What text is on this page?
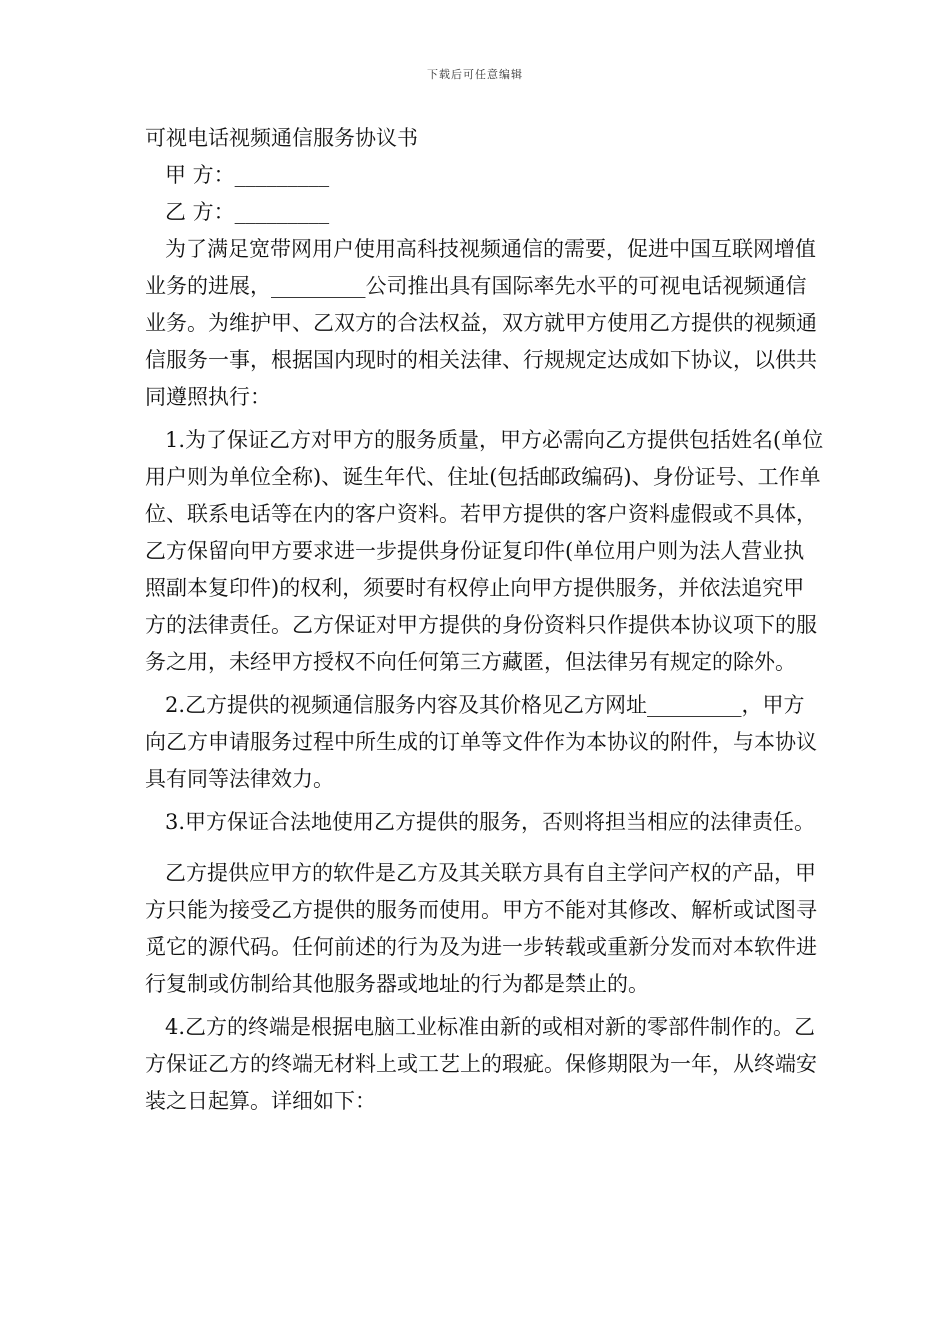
下载后可任意编辑

可视电话视频通信服务协议书

甲 方：_________

乙 方：_________

为了满足宽带网用户使用高科技视频通信的需要，促进中国互联网增值业务的进展，_________公司推出具有国际率先水平的可视电话视频通信业务。为维护甲、乙双方的合法权益，双方就甲方使用乙方提供的视频通信服务一事，根据国内现时的相关法律、行规规定达成如下协议，以供共同遵照执行：

1.为了保证乙方对甲方的服务质量，甲方必需向乙方提供包括姓名(单位用户则为单位全称)、诞生年代、住址(包括邮政编码)、身份证号、工作单位、联系电话等在内的客户资料。若甲方提供的客户资料虚假或不具体，乙方保留向甲方要求进一步提供身份证复印件(单位用户则为法人营业执照副本复印件)的权利，须要时有权停止向甲方提供服务，并依法追究甲方的法律责任。乙方保证对甲方提供的身份资料只作提供本协议项下的服务之用，未经甲方授权不向任何第三方藏匿，但法律另有规定的除外。

2.乙方提供的视频通信服务内容及其价格见乙方网址_________，甲方向乙方申请服务过程中所生成的订单等文件作为本协议的附件，与本协议具有同等法律效力。

3.甲方保证合法地使用乙方提供的服务，否则将担当相应的法律责任。

乙方提供应甲方的软件是乙方及其关联方具有自主学问产权的产品，甲方只能为接受乙方提供的服务而使用。甲方不能对其修改、解析或试图寻觅它的源代码。任何前述的行为及为进一步转载或重新分发而对本软件进行复制或仿制给其他服务器或地址的行为都是禁止的。

4.乙方的终端是根据电脑工业标准由新的或相对新的零部件制作的。乙方保证乙方的终端无材料上或工艺上的瑕疵。保修期限为一年，从终端安装之日起算。详细如下：
